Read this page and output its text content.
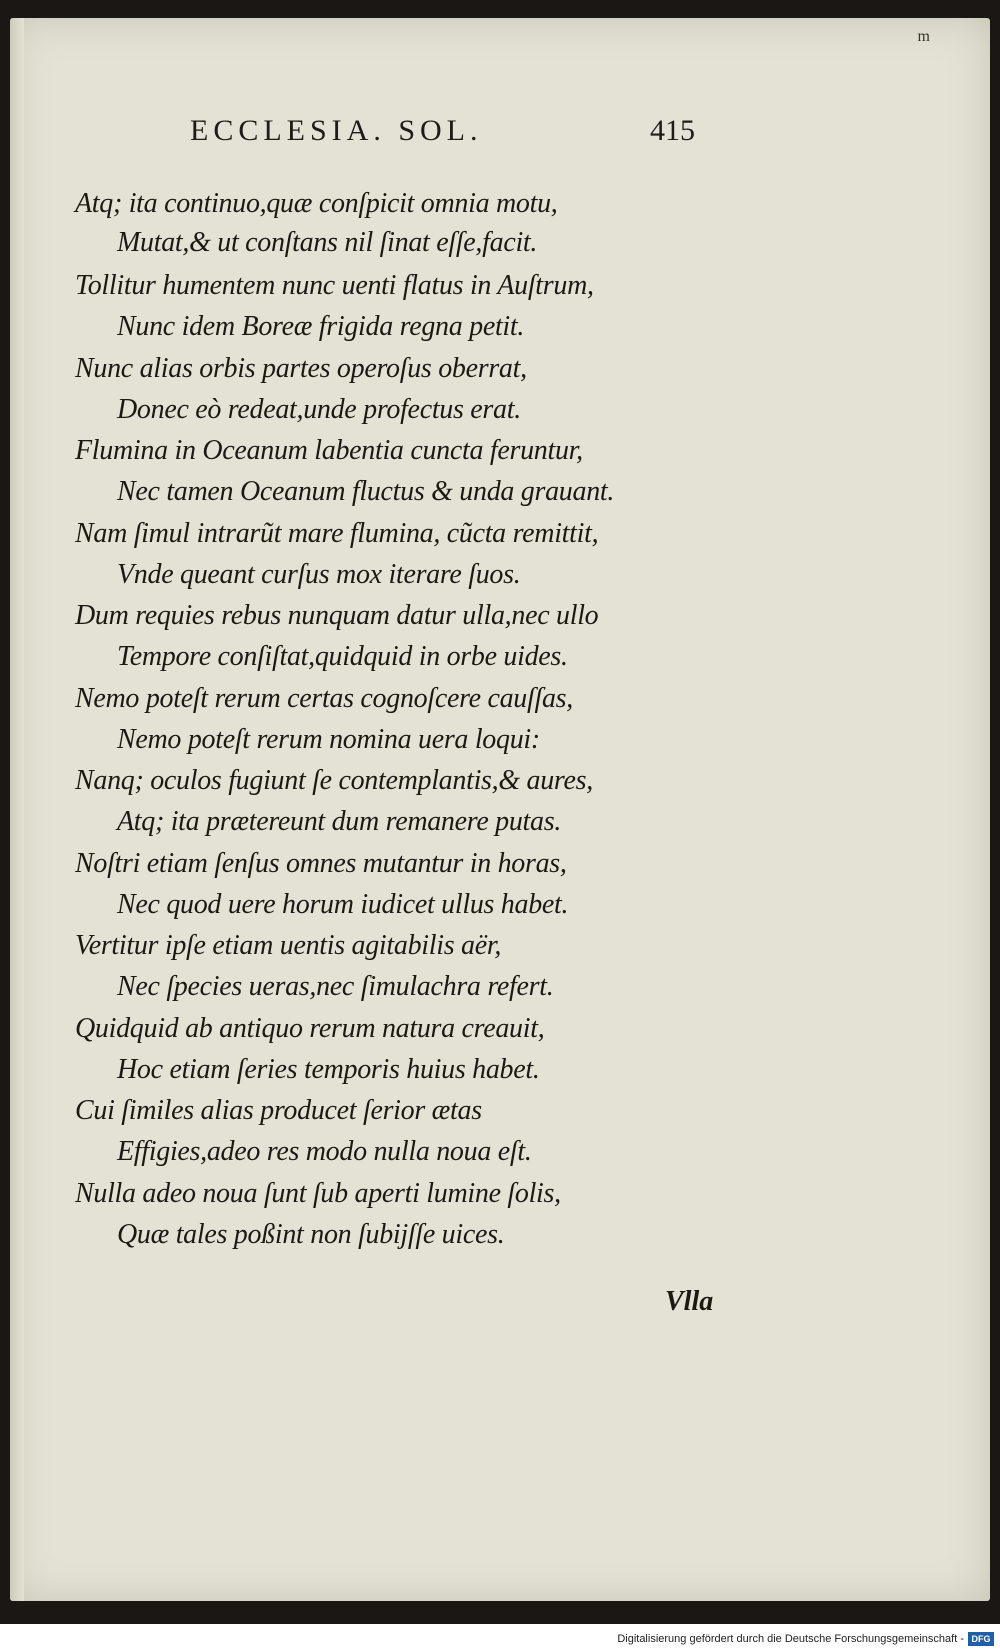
m
ECCLESIA. SOL.	415
Atq; ita continuo,quæ conſpicit omnia motu,
Mutat,& ut conſtans nil ſinat eſſe,facit.
Tollitur humentem nunc uenti flatus in Auſtrum,
Nunc idem Boreæ frigida regna petit.
Nunc alias orbis partes operoſus oberrat,
Donec eò redeat,unde profectus erat.
Flumina in Oceanum labentia cuncta feruntur,
Nec tamen Oceanum fluctus & unda grauant.
Nam ſimul intrarũt mare flumina, cũcta remittit,
Vnde queant curſus mox iterare ſuos.
Dum requies rebus nunquam datur ulla,nec ullo
Tempore conſiſtat,quidquid in orbe uides.
Nemo poteſt rerum certas cognoſcere cauſſas,
Nemo poteſt rerum nomina uera loqui:
Nanq; oculos fugiunt ſe contemplantis,& aures,
Atq; ita prætereunt dum remanere putas.
Noſtri etiam ſenſus omnes mutantur in horas,
Nec quod uere horum iudicet ullus habet.
Vertitur ipſe etiam uentis agitabilis aër,
Nec ſpecies ueras,nec ſimulachra refert.
Quidquid ab antiquo rerum natura creauit,
Hoc etiam ſeries temporis huius habet.
Cui ſimiles alias producet ſerior ætas
Effigies,adeo res modo nulla noua eſt.
Nulla adeo noua ſunt ſub aperti lumine ſolis,
Quæ tales poßint non ſubijſſe uices.
Vlla
Digitalisierung gefördert durch die Deutsche Forschungsgemeinschaft - DFG
